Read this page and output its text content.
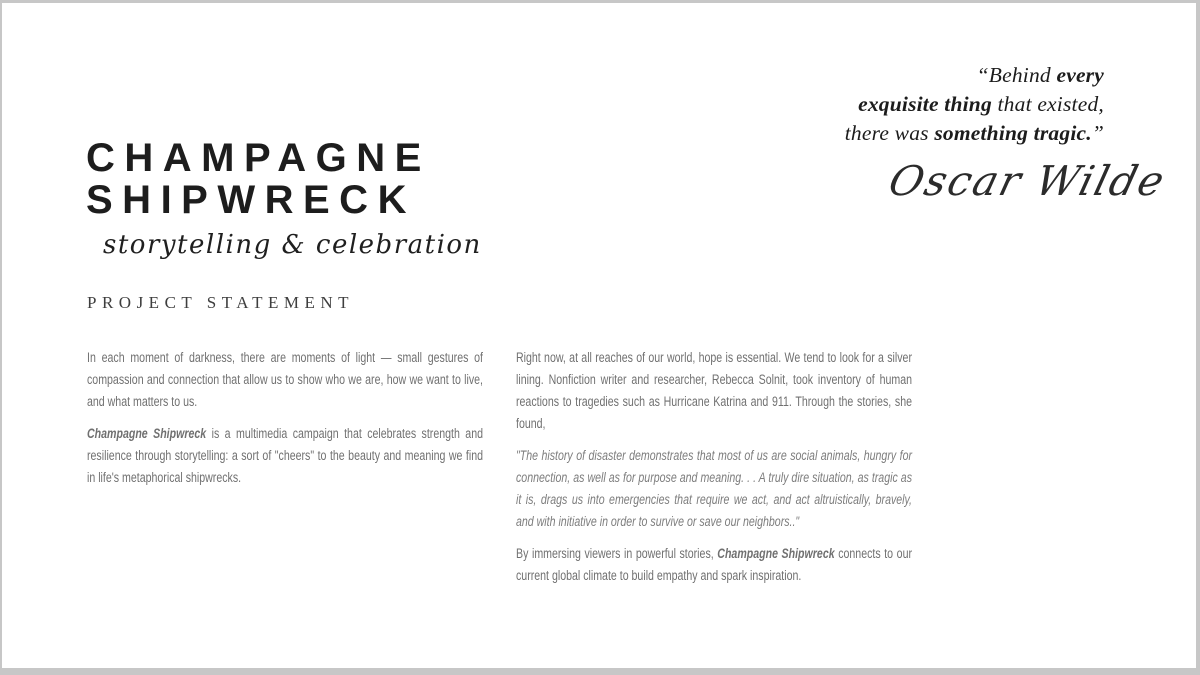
“Behind every
exquisite thing that existed,
there was something tragic.”
Oscar Wilde
CHAMPAGNE
SHIPWRECK
storytelling & celebration
PROJECT STATEMENT

In each moment of darkness, there are moments of light — small gestures of compassion and connection that allow us to show who we are, how we want to live, and what matters to us.

Champagne Shipwreck is a multimedia campaign that celebrates strength and resilience through storytelling: a sort of "cheers" to the beauty and meaning we find in life's metaphorical shipwrecks.

Right now, at all reaches of our world, hope is essential. We tend to look for a silver lining. Nonfiction writer and researcher, Rebecca Solnit, took inventory of human reactions to tragedies such as Hurricane Katrina and 911. Through the stories, she found,

"The history of disaster demonstrates that most of us are social animals, hungry for connection, as well as for purpose and meaning. . . A truly dire situation, as tragic as it is, drags us into emergencies that require we act, and act altruistically, bravely, and with initiative in order to survive or save our neighbors.."

By immersing viewers in powerful stories, Champagne Shipwreck connects to our current global climate to build empathy and spark inspiration.
